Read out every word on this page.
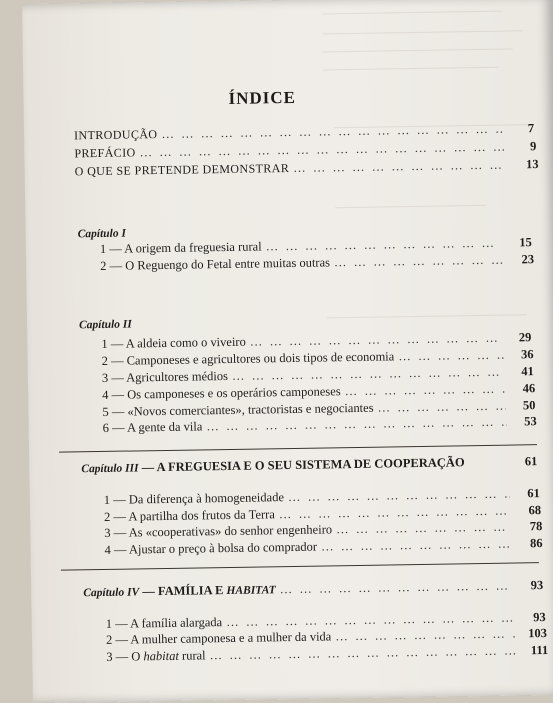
ÍNDICE
INTRODUÇÃO … … … … … … … … … … … … … … … … … … … … … … … … … … … … … … … … … … … … … … … …	7
PREFÁCIO … … … … … … … … … … … … … … … … … … … … … … … … … … … … … … … … … … … … … … … …	9
O QUE SE PRETENDE DEMONSTRAR … … … … … … … … … … … … … … … … … … … … … … … … … … … … … … … … … … … … … … … …	13
Capítulo I
1 — A origem da freguesia rural … … … … … … … … … … … … … … … … … … … … … … … … … … … … … … … … … … … … … … … …	15
2 — O Reguengo do Fetal entre muitas outras … … … … … … … … … … … … … … … … … … … … … … … … … … … … … … … … … … … … … … … …	23
Capítulo II
1 — A aldeia como o viveiro … … … … … … … … … … … … … … … … … … … … … … … … … … … … … … … … … … … … … … … …	29
2 — Camponeses e agricultores ou dois tipos de economia … … … … … … … … … … … … … … … … … … … … … … … … … … … … … … … … … … … … … … … …	36
3 — Agricultores médios … … … … … … … … … … … … … … … … … … … … … … … … … … … … … … … … … … … … … … … …	41
4 — Os camponeses e os operários camponeses … … … … … … … … … … … … … … … … … … … … … … … … … … … … … … … … … … … … … … … …	46
5 — «Novos comerciantes», tractoristas e negociantes … … … … … … … … … … … … … … … … … … … … … … … … … … … … … … … … … … … … … … … …	50
6 — A gente da vila … … … … … … … … … … … … … … … … … … … … … … … … … … … … … … … … … … … … … … … …	53
Capítulo III — A FREGUESIA E O SEU SISTEMA DE COOPERAÇÃO	61
1 — Da diferença à homogeneidade … … … … … … … … … … … … … … … … … … … … … … … … … … … … … … … … … … … … … … … …	61
2 — A partilha dos frutos da Terra … … … … … … … … … … … … … … … … … … … … … … … … … … … … … … … … … … … … … … … …	68
3 — As «cooperativas» do senhor engenheiro … … … … … … … … … … … … … … … … … … … … … … … … … … … … … … … … … … … … … … … …	78
4 — Ajustar o preço à bolsa do comprador … … … … … … … … … … … … … … … … … … … … … … … … … … … … … … … … … … … … … … … …	86
Capítulo IV — FAMÍLIA E HABITAT … … … … … … … … … … … … … … … … … … … … … … … … … … … … … … … … … … … … … … … …	93
1 — A família alargada … … … … … … … … … … … … … … … … … … … … … … … … … … … … … … … … … … … … … … … …	93
2 — A mulher camponesa e a mulher da vida … … … … … … … … … … … … … … … … … … … … … … … … … … … … … … … … … … … … … … … …	103
3 — O habitat rural … … … … … … … … … … … … … … … … … … … … … … … … … … … … … … … … … … … … … … … …	111
